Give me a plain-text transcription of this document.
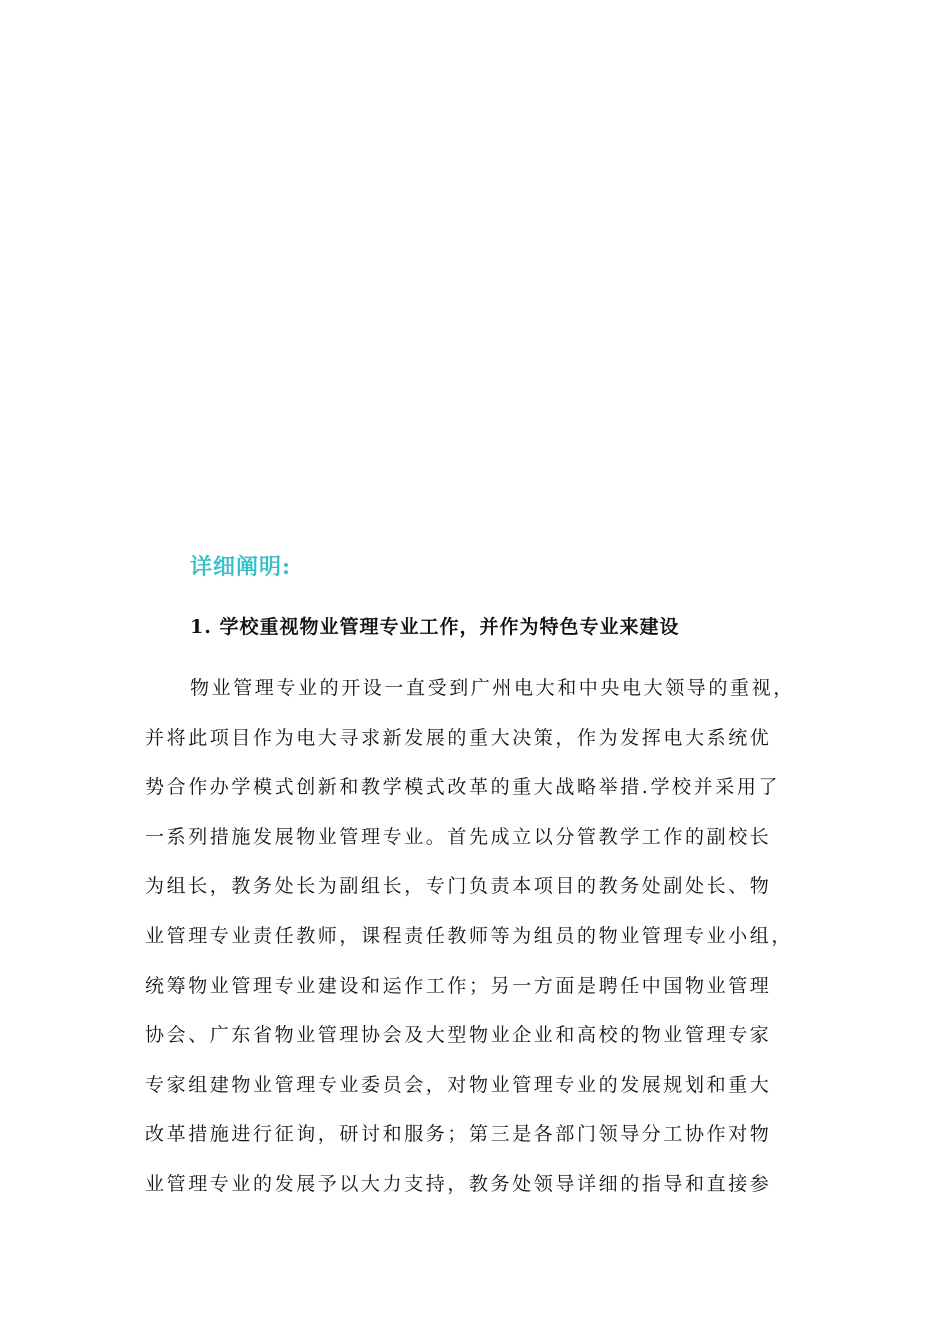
详细阐明:
1. 学校重视物业管理专业工作，并作为特色专业来建设
物业管理专业的开设一直受到广州电大和中央电大领导的重视，
并将此项目作为电大寻求新发展的重大决策，作为发挥电大系统优
势合作办学模式创新和教学模式改革的重大战略举措.学校并采用了
一系列措施发展物业管理专业。首先成立以分管教学工作的副校长
为组长，教务处长为副组长，专门负责本项目的教务处副处长、物
业管理专业责任教师，课程责任教师等为组员的物业管理专业小组，
统筹物业管理专业建设和运作工作；另一方面是聘任中国物业管理
协会、广东省物业管理协会及大型物业企业和高校的物业管理专家
专家组建物业管理专业委员会，对物业管理专业的发展规划和重大
改革措施进行征询，研讨和服务；第三是各部门领导分工协作对物
业管理专业的发展予以大力支持，教务处领导详细的指导和直接参
